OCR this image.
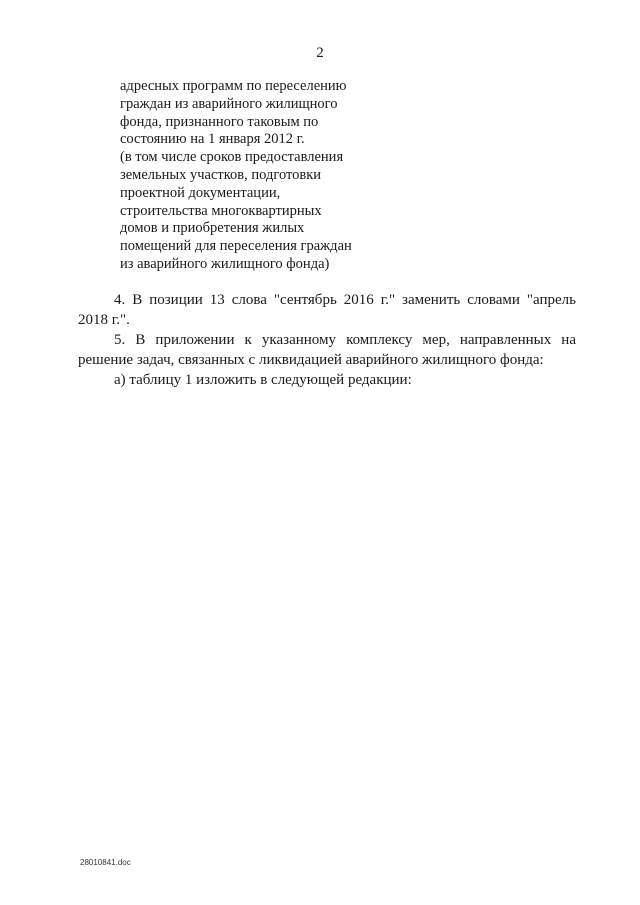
2
адресных программ по переселению
граждан из аварийного жилищного
фонда, признанного таковым по
состоянию на 1 января 2012 г.
(в том числе сроков предоставления
земельных участков, подготовки
проектной документации,
строительства многоквартирных
домов и приобретения жилых
помещений для переселения граждан
из аварийного жилищного фонда)

4. В позиции 13 слова "сентябрь 2016 г." заменить словами "апрель 2018 г.".

5. В приложении к указанному комплексу мер, направленных на решение задач, связанных с ликвидацией аварийного жилищного фонда:

а) таблицу 1 изложить в следующей редакции:

28010841.doc
